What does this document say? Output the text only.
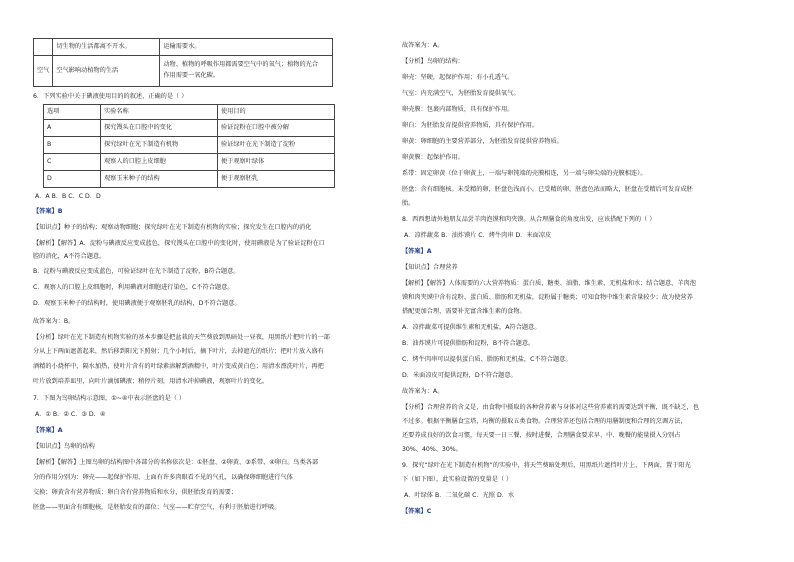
	切生物的生活都离不开水。	运输需要水。
空气	空气影响动植物的生活	动物、植物的呼吸作用都需要空气中的氧气；植物的光合
作用需要一氧化碳。
6．下列实验中关于碘液使用目的的叙述，正确的是（ ）
选项	实验名称	使用目的
A	探究馒头在口腔中的变化	验证淀粉在口腔中被分解
B	探究绿叶在光下制造有机物	验证绿叶在光下制造了淀粉
C	观察人的口腔上皮细胞	便于观察叶绿体
D	观察玉米种子的结构	便于观察胚乳
A．A B．B C．C D．D
【答案】B
【知识点】种子的结构；观察动物细胞；探究绿叶在光下制造有机物的实验；探究发生在口腔内的消化
【解析】【解答】A．淀粉与碘液反应变成蓝色，探究馒头在口腔中的变化时，使用碘液是为了验证淀粉在口
腔的消化，A不符合题意。
B．淀粉与碘液反应变成蓝色，可验证绿叶在光下制造了淀粉，B符合题意。
C．观察人的口腔上皮细胞时，利用碘液对细胞进行染色，C不符合题意。
D．观察玉米种子的结构时，使用碘液便于观察胚乳的结构，D不符合题意。
故答案为：B。
【分析】绿叶在光下制造有机物实验的基本步骤是把盆栽的天竺葵放到黑暗处一昼夜，用黑纸片把叶片的一部
分从上下两面遮盖起来，然后移到阳光下照射；几个小时后，摘下叶片，去掉遮光的纸片；把叶片放入盛有
酒精的小烧杯中，隔水加热，使叶片含有的叶绿素溶解到酒精中，叶片变成黄白色；用清水漂洗叶片，再把
叶片放到培养皿里，向叶片滴加碘液；稍停片刻，用清水冲掉碘液，观察叶片的变化。
7．下图为鸟卵结构示意图，①~④中表示胚盘的是（ ）
A．① B．② C．③ D．④
【答案】A
【知识点】鸟卵的结构
【解析】【解答】上图鸟卵的结构图中各部分的名称依次是：①胚盘、②卵黄、③系带、④卵白。鸟类各部
分的作用分别为：卵壳——起保护作用，上面有许多肉眼看不见的气孔，以确保卵细胞进行气体
交换；卵黄含有营养物质；卵白含有营养物质和水分，供胚胎发育的需要；
胚盘——里面含有细胞核，是胚胎发育的部位；气室——贮存空气，有利于胚胎进行呼吸。
故答案为：A。
【分析】鸟卵的结构：
卵壳：坚硬，起保护作用；有小孔透气。
气室：内充满空气，为胚胎发育提供氧气。
卵壳膜：包裹内部物质，具有保护作用。
卵白：为胚胎发育提供营养物质，具有保护作用。
卵黄：卵细胞的主要营养部分，为胚胎发育提供营养物质。
卵黄膜：起保护作用。
系带：固定卵黄（位于卵黄上，一端与卵钝端的壳膜相连，另一端与卵尖端的壳膜相连）。
胚盘：含有细胞核。未受精的卵，胚盘色浅而小，已受精的卵，胚盘色浓而略大，胚盘在受精后可发育成胚
胎。
8．西西想请外地朋友品尝羊肉泡馍和肉夹馍。从合理膳食的角度出发，应该搭配下列的（ ）
A．凉拌蔬菜 B．油炸馍片 C．烤牛肉串 D．米面凉皮
【答案】A
【知识点】合理营养
【解析】【解答】人体需要的六大营养物质：蛋白质、糖类、油脂、维生素、无机盐和水；结合题意，羊肉泡
馍和肉夹馍中含有淀粉、蛋白质、脂肪和无机盐，淀粉属于糖类；可知食物中维生素含量较少；故为使营养
搭配更加合理，需要补充富含维生素的食物。
A．凉拌蔬菜可提供维生素和无机盐，A符合题意。
B．油炸馍片可提供脂肪和淀粉，B不符合题意。
C．烤牛肉串可以提供蛋白质、脂肪和无机盐，C不符合题意。
D．米面凉皮可提供淀粉，D不符合题意。
故答案为：A。
【分析】合理营养的含义是，由食物中摄取的各种营养素与身体对这些营养素的需要达到平衡，既不缺乏，也
不过多。根据平衡膳食宝塔，均衡的摄取五类食物。合理营养还包括合理的用膳制度和合理的烹调方法，
还要养成良好的饮食习惯，每天要一日三餐，按时进餐，合理膳食要求早、中、晚餐的能量摄入分别占
30%、40%、30%。
9．探究“绿叶在光下制造有机物”的实验中，将天竺葵暗处理后，用黑纸片遮挡叶片上、下两面，置于阳光
下（如下图），此实验设置的变量是（ ）
A．叶绿体 B．二氧化碳 C．光照 D．水
【答案】C
